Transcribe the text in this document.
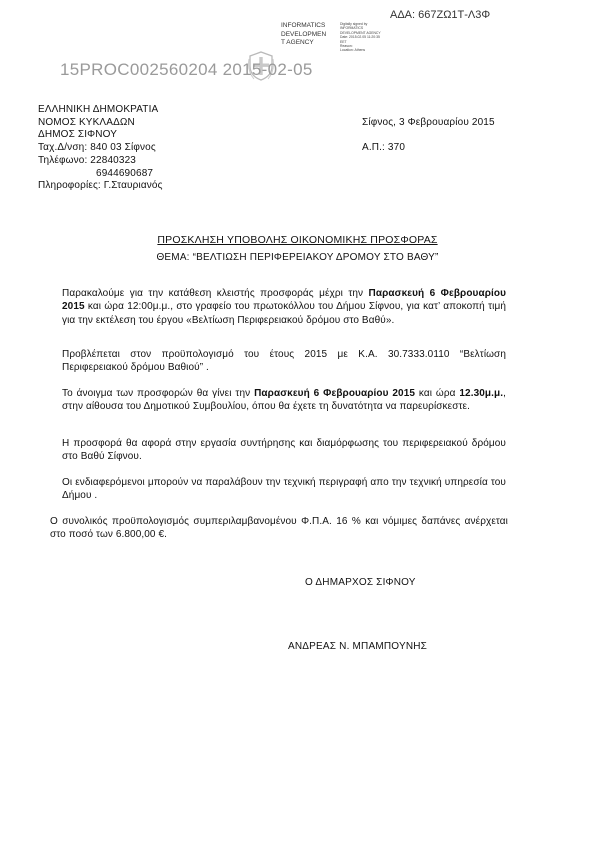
ΑΔΑ: 667ΖΩ1Τ-Λ3Φ
INFORMATICS
DEVELOPMEN
T AGENCY
Digitally signed by
INFORMATICS
DEVELOPMENT AGENCY
Date: 2015.02.05 11:20:35
EET
Reason:
Location: Athens
15PROC002560204 2015-02-05
ΕΛΛΗΝΙΚΗ ΔΗΜΟΚΡΑΤΙΑ
ΝΟΜΟΣ ΚΥΚΛΑΔΩΝ
ΔΗΜΟΣ ΣΙΦΝΟΥ
Ταχ.Δ/νση: 840 03 Σίφνος
Τηλέφωνο: 22840323
6944690687
Πληροφορίες: Γ.Σταυριανός
Σίφνος, 3 Φεβρουαρίου 2015
Α.Π.: 370
ΠΡΟΣΚΛΗΣΗ ΥΠΟΒΟΛΗΣ ΟΙΚΟΝΟΜΙΚΗΣ ΠΡΟΣΦΟΡΑΣ
ΘΕΜΑ: “ΒΕΛΤΙΩΣΗ ΠΕΡΙΦΕΡΕΙΑΚΟΥ ΔΡΟΜΟΥ ΣΤΟ ΒΑΘΥ”
Παρακαλούμε για την κατάθεση κλειστής προσφοράς μέχρι την Παρασκευή 6 Φεβρουαρίου 2015 και ώρα 12:00μ.μ., στο γραφείο του πρωτοκόλλου του Δήμου Σίφνου, για κατ’ αποκοπή τιμή για την εκτέλεση του έργου «Βελτίωση Περιφερειακού δρόμου στο Βαθύ».
Προβλέπεται στον προϋπολογισμό του έτους 2015 με Κ.Α. 30.7333.0110 “Βελτίωση Περιφερειακού δρόμου Βαθιού” .
Το άνοιγμα των προσφορών θα γίνει την Παρασκευή 6 Φεβρουαρίου 2015 και ώρα 12.30μ.μ., στην αίθουσα του Δημοτικού Συμβουλίου, όπου θα έχετε τη δυνατότητα να παρευρίσκεστε.
Η προσφορά θα αφορά στην εργασία συντήρησης και διαμόρφωσης του περιφερειακού δρόμου στο Βαθύ Σίφνου.
Οι ενδιαφερόμενοι μπορούν να παραλάβουν την τεχνική περιγραφή απο την τεχνική υπηρεσία του Δήμου .
Ο συνολικός προϋπολογισμός συμπεριλαμβανομένου Φ.Π.Α. 16 % και νόμιμες δαπάνες ανέρχεται στο ποσό των 6.800,00 €.
Ο ΔΗΜΑΡΧΟΣ ΣΙΦΝΟΥ
ΑΝΔΡΕΑΣ Ν. ΜΠΑΜΠΟΥΝΗΣ
